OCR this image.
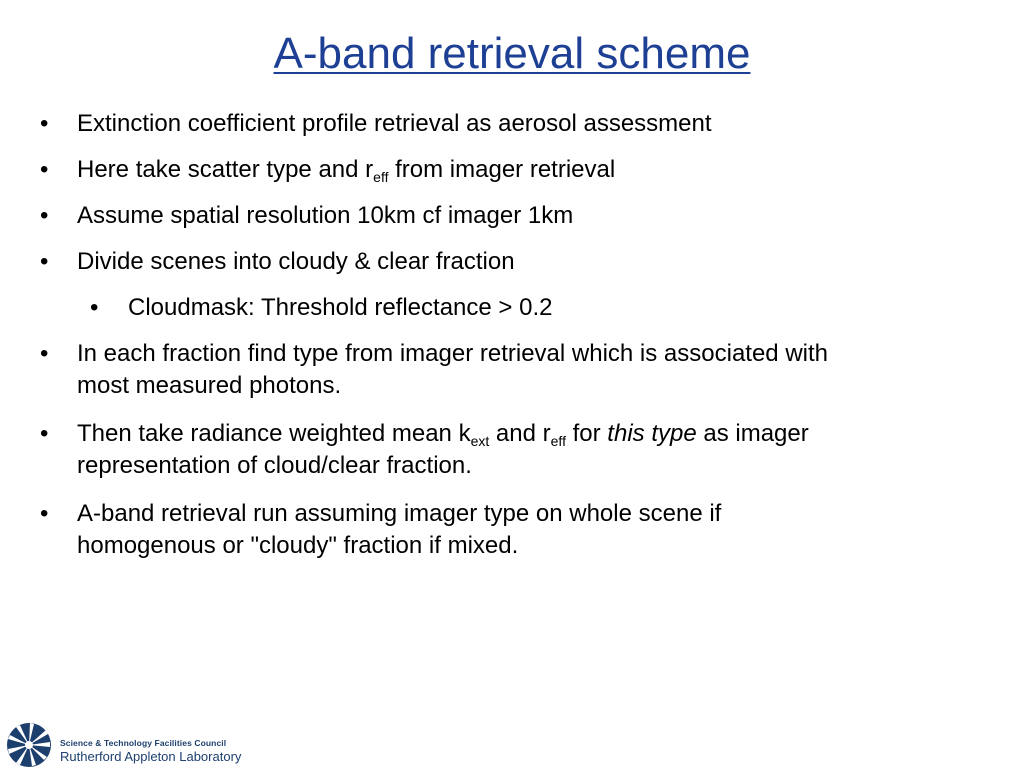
A-band retrieval scheme
• Extinction coefficient profile retrieval as aerosol assessment
• Here take scatter type and $r_{eff}$ from imager retrieval
• Assume spatial resolution 10km cf imager 1km
• Divide scenes into cloudy & clear fraction
• Cloudmask: Threshold reflectance > 0.2
• In each fraction find type from imager retrieval which is associated with
most measured photons.
• Then take radiance weighted mean $k_{ext}$ and $r_{eff}$ for this type as imager
representation of cloud/clear fraction.
• A-band retrieval run assuming imager type on whole scene if
homogenous or "cloudy" fraction if mixed.
Science & Technology Facilities Council
Rutherford Appleton Laboratory
